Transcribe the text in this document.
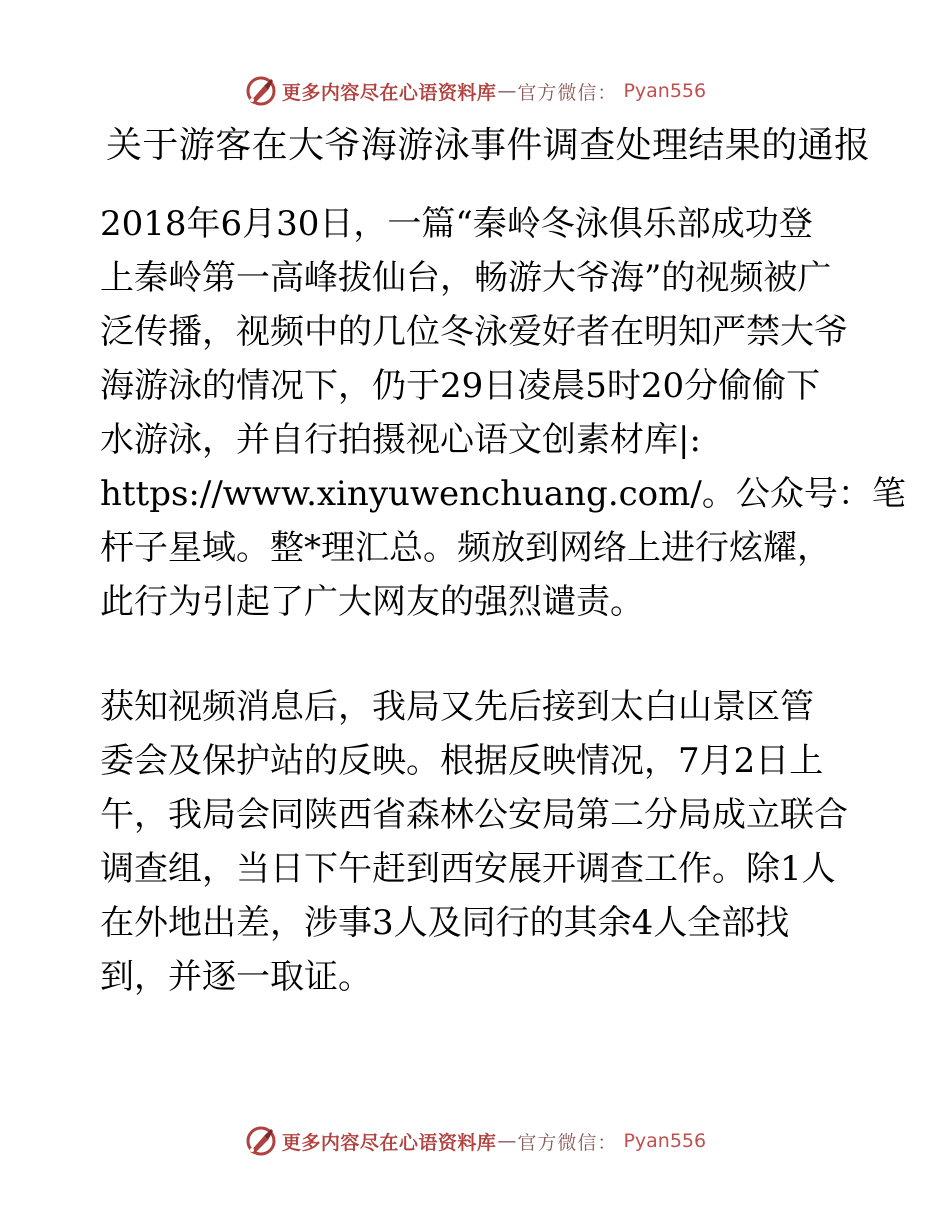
更多内容尽在心语资料库 — 官方微信： Pyan556
关于游客在大爷海游泳事件调查处理结果的通报
2018年6月30日，一篇“秦岭冬泳俱乐部成功登
上秦岭第一高峰拔仙台，畅游大爷海”的视频被广
泛传播，视频中的几位冬泳爱好者在明知严禁大爷
海游泳的情况下，仍于29日凌晨5时20分偷偷下
水游泳，并自行拍摄视心语文创素材库|:
https://www.xinyuwenchuang.com/。公众号：笔
杆子星域。整*理汇总。频放到网络上进行炫耀，
此行为引起了广大网友的强烈谴责。
获知视频消息后，我局又先后接到太白山景区管
委会及保护站的反映。根据反映情况，7月2日上
午，我局会同陕西省森林公安局第二分局成立联合
调查组，当日下午赶到西安展开调查工作。除1人
在外地出差，涉事3人及同行的其余4人全部找
到，并逐一取证。
更多内容尽在心语资料库 — 官方微信： Pyan556
